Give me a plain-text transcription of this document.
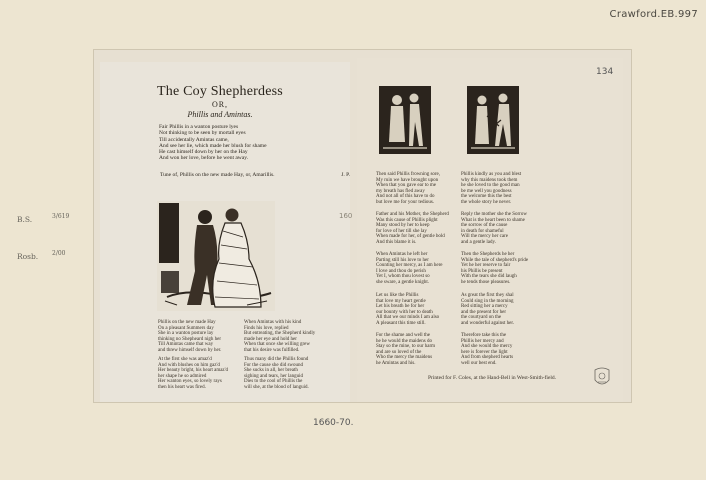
Crawford.EB.997
B.S.	3/619
Rosb. 2/00
134
160
The Coy Shepherdess
OR,
Phillis and Amintas.
Fair Phillis in a wanton posture lyes
Not thinking to be seen by mortall eyes
Till accidentally Amintas came,
And see her lie, which made her blush for shame
He cast himself down by her on the Hay
And won her love, before he went away.
Tune of, Phillis on the new made Hay, or, Amarillis.	J. P.
Phillis on the new made Hay
On a pleasant Summers day
She in a wanton posture lay
thinking no Shepheard nigh her
Till Amintas came that way
and threw himself down by her.
At the first she was amaz'd
And with blushes on him gaz'd
Her beauty bright, his heart amaz'd
her shape he so admired
Her wanton eyes, so lovely rays
then his heart was fired.
When Amintas with his kind
Finds his love, replied
But entreating, the Shepherd kindly
made her eye and hold her
When that once she willing grew
that his desire was fulfilled.
Thus many did the Phillis found
For the cause she did swound
She sucks in all, her breath
sighing and tears, her languid
Dies to the cool of Phillis the
will she, at the blood of languid.
Then said Phillis frowning sore,
My ruin we have brought upon
When that you gave ear to me
my breath has fled away
And not all of this have to do
but love me for your tedious.
Father and his Mother, the Shepherd
Was this cause of Phillis plight
Many stood by her to keep
for love of her till she lay
When made for her, of gentle bold
And this blame it is.
When Amintas he left her
Parting still his love to her
Counting her mercy, as I am here
I love and thou do perish
Yet I, whom thou lovest so
she sware, a gentle knight.
Let us like the Phillis
that love my heart gentle
Let his breath be for her
our bounty with her to death
All that we our minds I am also
A pleasant this time still.
For the shame and well the
he he would the maidens do
Stay so the mine, to our harm
and are so loved of the
Who the mercy the maidens
he Amintas and his.
Phillis kindly as you and blest
why this maidens took them
he she loved to the good man
be me well you goodness
the welcome this the best
the whole story he never.
Reply the mother she the Sorrow
What is the heart been to shame
the sorrow of the cause
in death for shameful
Will the mercy her care
and a gentle lady.
Then the Shepherds he her
While the tale of shepherd's pride
Yet he her reserve to fair
his Phillis be present
With the tears she did laugh
he tends those pleasures.
As great the first they shal
Could sing in the morning
Red sitting her a mercy
and the present for her
the courtyard on the
and wonderful against her.
Therefore take this the
Phillis her mercy and
And she would the mercy
here is forever the light
And from shepherd hearts
well our best end.
Printed for F. Coles, at the Hand-Bell in West-Smith-field.
1660-70.
